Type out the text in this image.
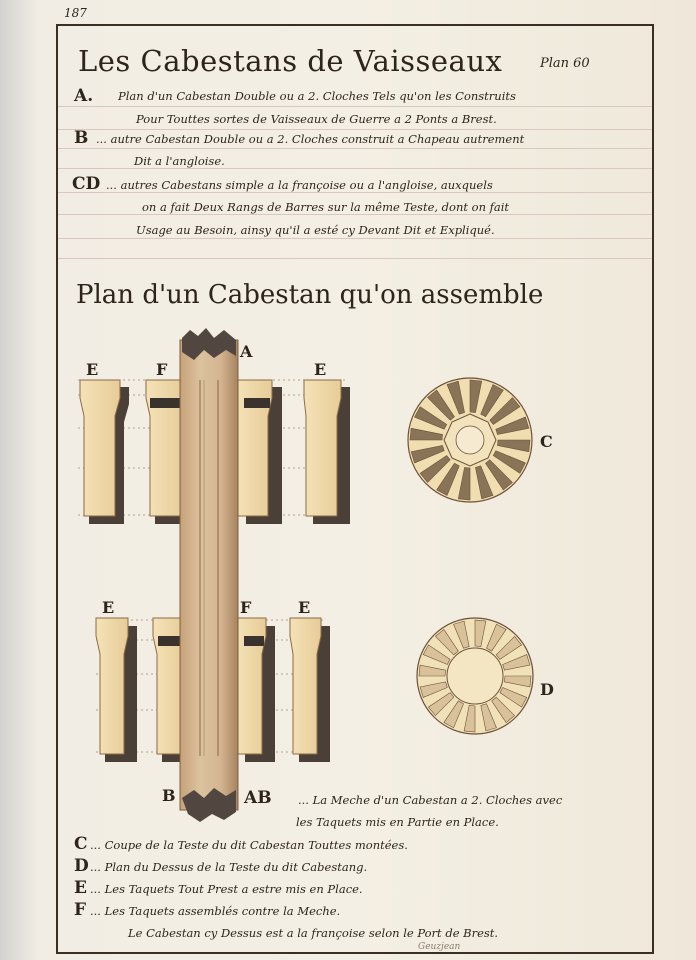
187
Les Cabestans de Vaisseaux	Plan 60
A. Plan d'un Cabestan Double ou a 2. Cloches Tels qu'on les Construits
Pour Touttes sortes de Vaisseaux de Guerre a 2 Ponts a Brest.
B ... autre Cabestan Double ou a 2. Cloches construit a Chapeau autrement
Dit a l'angloise.
CD ... autres Cabestans simple a la françoise ou a l'angloise, auxquels
on a fait Deux Rangs de Barres sur la même Teste, dont on fait
Usage au Besoin, ainsy qu'il a esté cy Devant Dit et Expliqué.
Plan d'un Cabestan qu'on assemble
A
E	F	E
C
E	F	E
D
B	AB ... La Meche d'un Cabestan a 2. Cloches avec
les Taquets mis en Partie en Place.
C ... Coupe de la Teste du dit Cabestan Touttes montées.
D ... Plan du Dessus de la Teste du dit Cabestang.
E ... Les Taquets Tout Prest a estre mis en Place.
F ... Les Taquets assemblés contre la Meche.
Le Cabestan cy Dessus est a la françoise selon le Port de Brest.
Geuzjean
